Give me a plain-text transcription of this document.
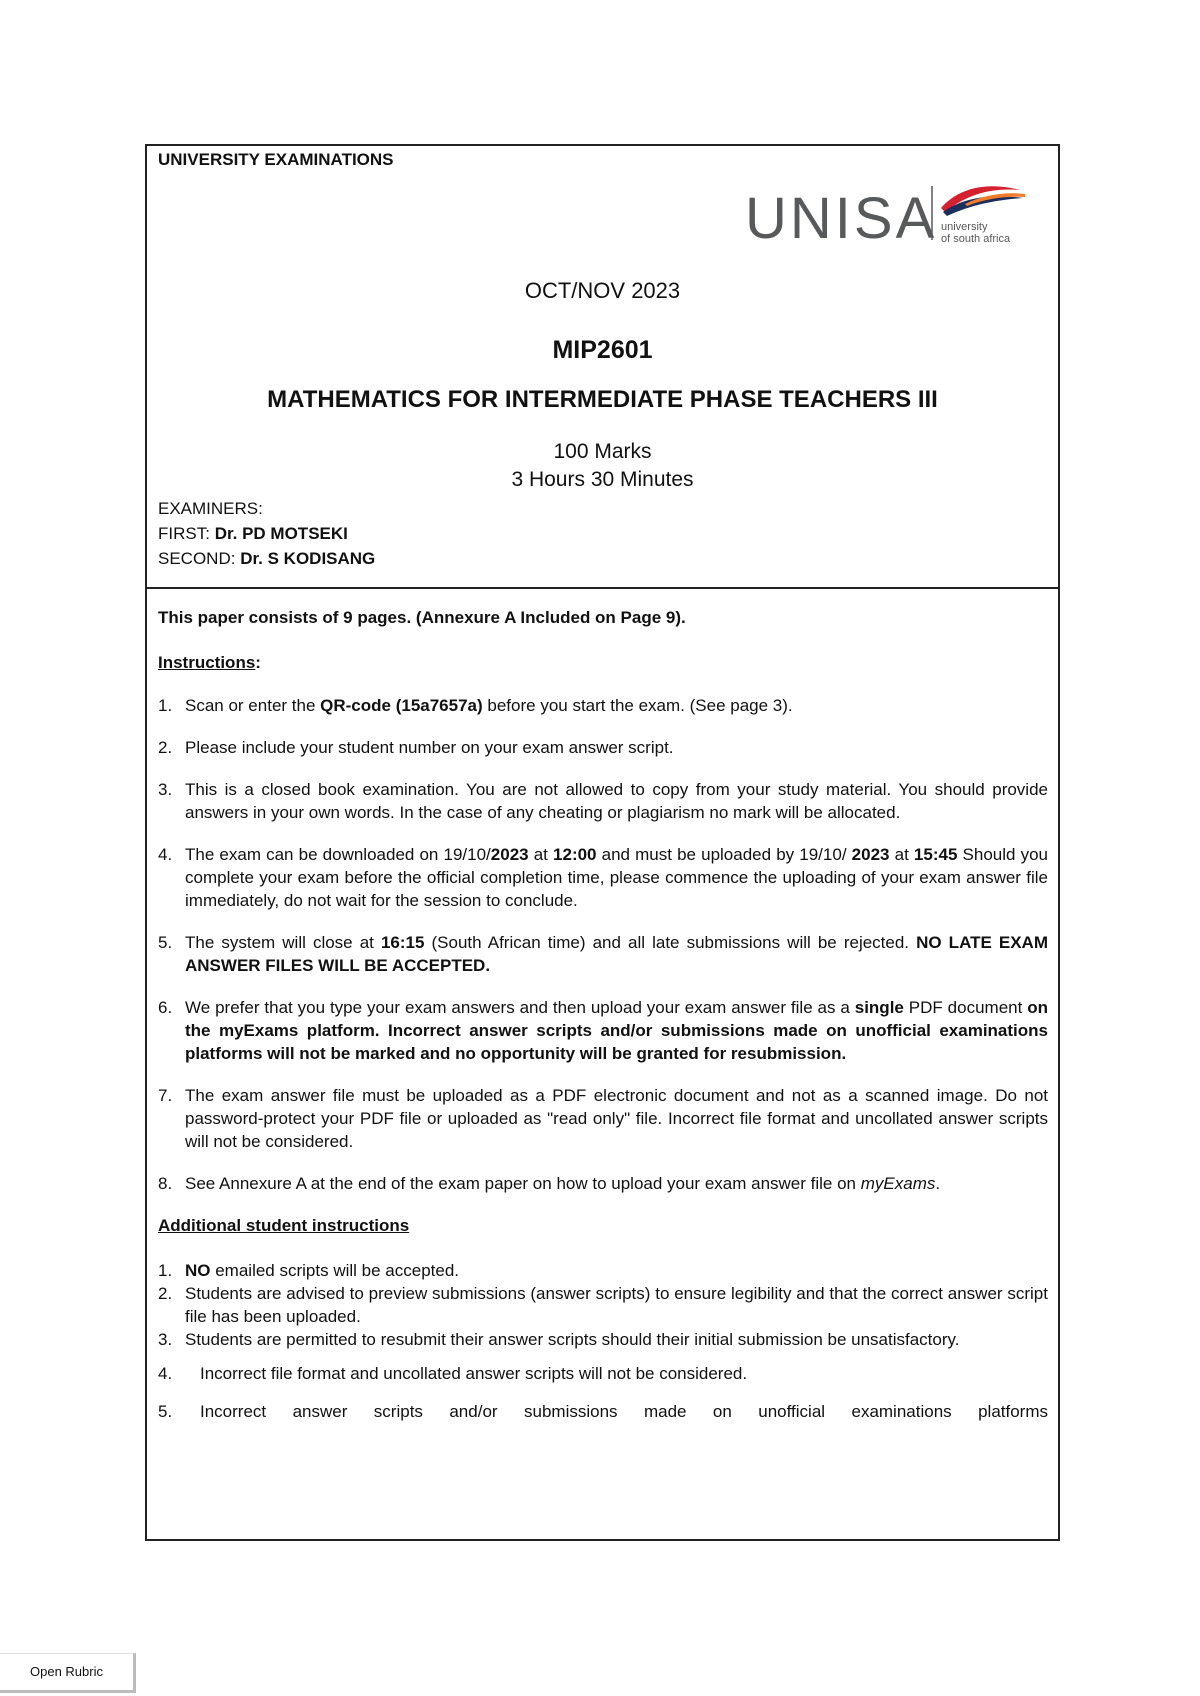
UNIVERSITY EXAMINATIONS
UNISA university
of south africa
OCT/NOV 2023
MIP2601
MATHEMATICS FOR INTERMEDIATE PHASE TEACHERS III
100 Marks
3 Hours 30 Minutes
EXAMINERS:
FIRST: Dr. PD MOTSEKI
SECOND: Dr. S KODISANG

This paper consists of 9 pages. (Annexure A Included on Page 9).

Instructions:

1. Scan or enter the QR-code (15a7657a) before you start the exam. (See page 3).
2. Please include your student number on your exam answer script.
3. This is a closed book examination. You are not allowed to copy from your study material. You should provide answers in your own words. In the case of any cheating or plagiarism no mark will be allocated.
4. The exam can be downloaded on 19/10/2023 at 12:00 and must be uploaded by 19/10/ 2023 at 15:45 Should you complete your exam before the official completion time, please commence the uploading of your exam answer file immediately, do not wait for the session to conclude.
5. The system will close at 16:15 (South African time) and all late submissions will be rejected. NO LATE EXAM ANSWER FILES WILL BE ACCEPTED.
6. We prefer that you type your exam answers and then upload your exam answer file as a single PDF document on the myExams platform. Incorrect answer scripts and/or submissions made on unofficial examinations platforms will not be marked and no opportunity will be granted for resubmission.
7. The exam answer file must be uploaded as a PDF electronic document and not as a scanned image. Do not password-protect your PDF file or uploaded as "read only" file. Incorrect file format and uncollated answer scripts will not be considered.
8. See Annexure A at the end of the exam paper on how to upload your exam answer file on myExams.

Additional student instructions

1. NO emailed scripts will be accepted.
2. Students are advised to preview submissions (answer scripts) to ensure legibility and that the correct answer script file has been uploaded.
3. Students are permitted to resubmit their answer scripts should their initial submission be unsatisfactory.
4. Incorrect file format and uncollated answer scripts will not be considered.
5. Incorrect answer scripts and/or submissions made on unofficial examinations platforms
Open Rubric
